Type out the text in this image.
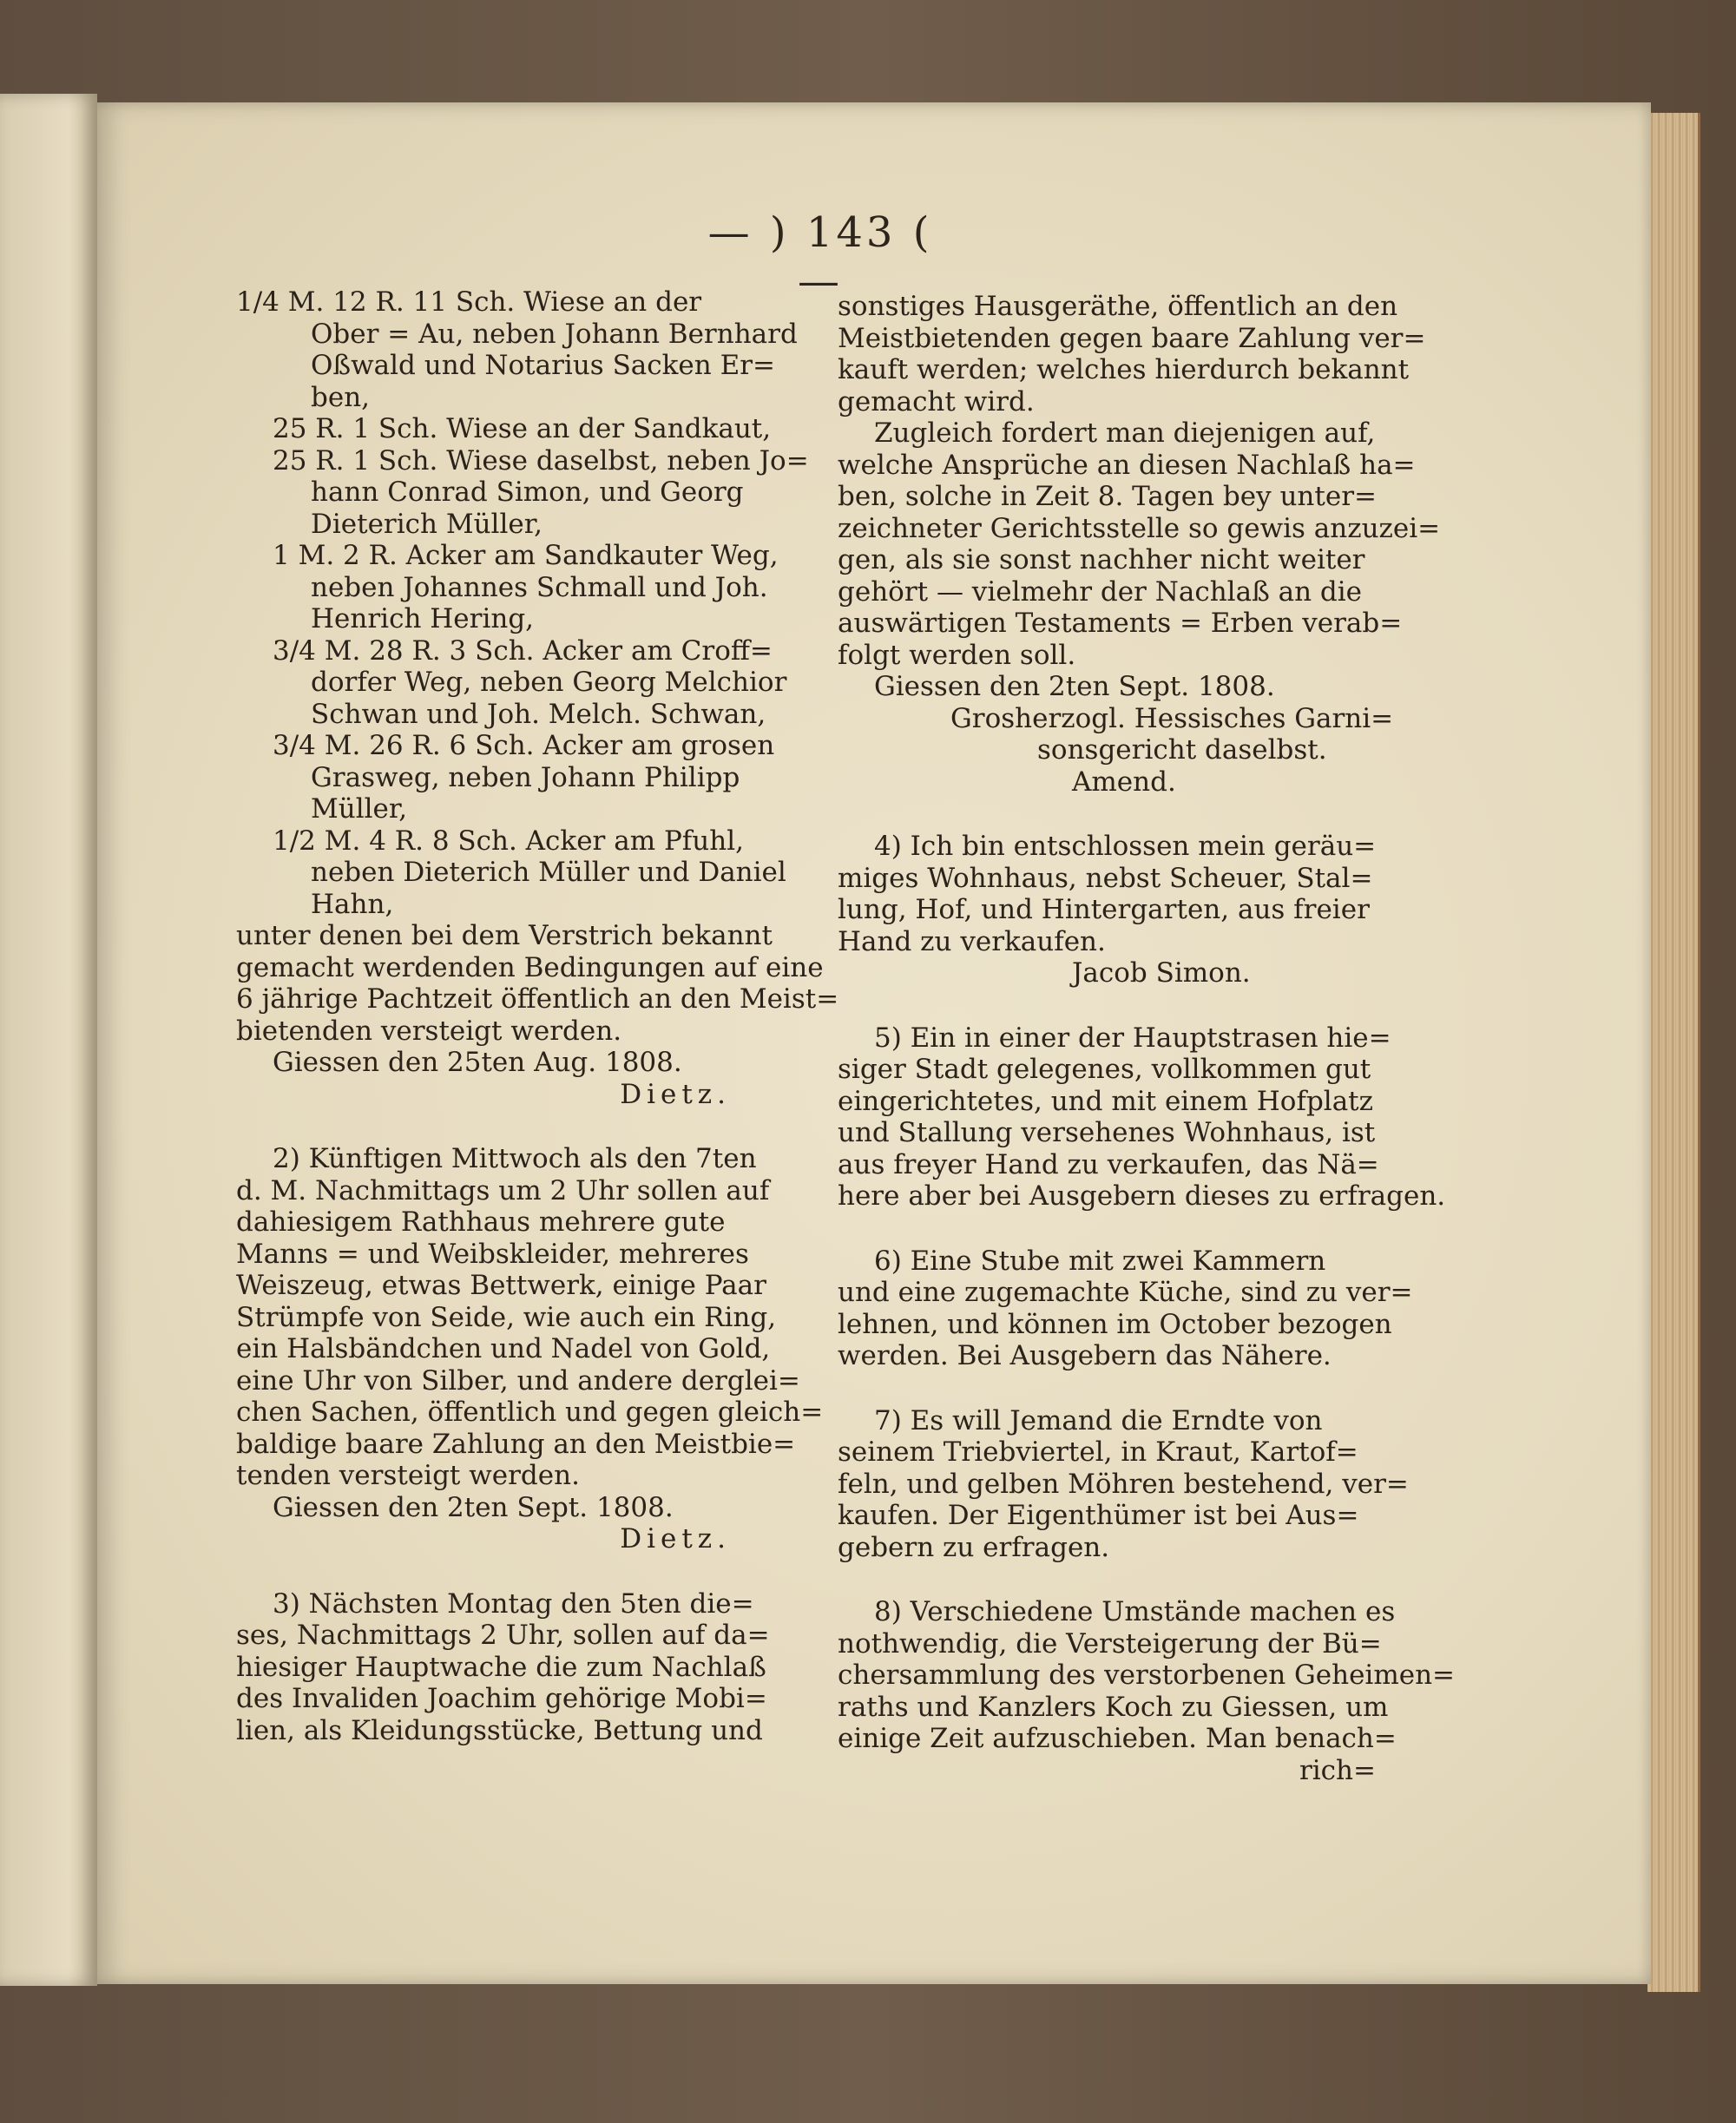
— ) 143 ( —
1/4 M. 12 R. 11 Sch. Wiese an der
Ober = Au, neben Johann Bernhard
Oßwald und Notarius Sacken Er=
ben,
25 R. 1 Sch. Wiese an der Sandkaut,
25 R. 1 Sch. Wiese daselbst, neben Jo=
hann Conrad Simon, und Georg
Dieterich Müller,
1 M. 2 R. Acker am Sandkauter Weg,
neben Johannes Schmall und Joh.
Henrich Hering,
3/4 M. 28 R. 3 Sch. Acker am Croff=
dorfer Weg, neben Georg Melchior
Schwan und Joh. Melch. Schwan,
3/4 M. 26 R. 6 Sch. Acker am grosen
Grasweg, neben Johann Philipp
Müller,
1/2 M. 4 R. 8 Sch. Acker am Pfuhl,
neben Dieterich Müller und Daniel
Hahn,
unter denen bei dem Verstrich bekannt
gemacht werdenden Bedingungen auf eine
6 jährige Pachtzeit öffentlich an den Meist=
bietenden versteigt werden.
Giessen den 25ten Aug. 1808.
Dietz.
2) Künftigen Mittwoch als den 7ten
d. M. Nachmittags um 2 Uhr sollen auf
dahiesigem Rathhaus mehrere gute
Manns = und Weibskleider, mehreres
Weiszeug, etwas Bettwerk, einige Paar
Strümpfe von Seide, wie auch ein Ring,
ein Halsbändchen und Nadel von Gold,
eine Uhr von Silber, und andere derglei=
chen Sachen, öffentlich und gegen gleich=
baldige baare Zahlung an den Meistbie=
tenden versteigt werden.
Giessen den 2ten Sept. 1808.
Dietz.
3) Nächsten Montag den 5ten die=
ses, Nachmittags 2 Uhr, sollen auf da=
hiesiger Hauptwache die zum Nachlaß
des Invaliden Joachim gehörige Mobi=
lien, als Kleidungsstücke, Bettung und
sonstiges Hausgeräthe, öffentlich an den
Meistbietenden gegen baare Zahlung ver=
kauft werden; welches hierdurch bekannt
gemacht wird.
Zugleich fordert man diejenigen auf,
welche Ansprüche an diesen Nachlaß ha=
ben, solche in Zeit 8. Tagen bey unter=
zeichneter Gerichtsstelle so gewis anzuzei=
gen, als sie sonst nachher nicht weiter
gehört — vielmehr der Nachlaß an die
auswärtigen Testaments = Erben verab=
folgt werden soll.
Giessen den 2ten Sept. 1808.
Grosherzogl. Hessisches Garni=
sonsgericht daselbst.
Amend.
4) Ich bin entschlossen mein geräu=
miges Wohnhaus, nebst Scheuer, Stal=
lung, Hof, und Hintergarten, aus freier
Hand zu verkaufen.
Jacob Simon.
5) Ein in einer der Hauptstrasen hie=
siger Stadt gelegenes, vollkommen gut
eingerichtetes, und mit einem Hofplatz
und Stallung versehenes Wohnhaus, ist
aus freyer Hand zu verkaufen, das Nä=
here aber bei Ausgebern dieses zu erfragen.
6) Eine Stube mit zwei Kammern
und eine zugemachte Küche, sind zu ver=
lehnen, und können im October bezogen
werden. Bei Ausgebern das Nähere.
7) Es will Jemand die Erndte von
seinem Triebviertel, in Kraut, Kartof=
feln, und gelben Möhren bestehend, ver=
kaufen. Der Eigenthümer ist bei Aus=
gebern zu erfragen.
8) Verschiedene Umstände machen es
nothwendig, die Versteigerung der Bü=
chersammlung des verstorbenen Geheimen=
raths und Kanzlers Koch zu Giessen, um
einige Zeit aufzuschieben. Man benach=
rich=
